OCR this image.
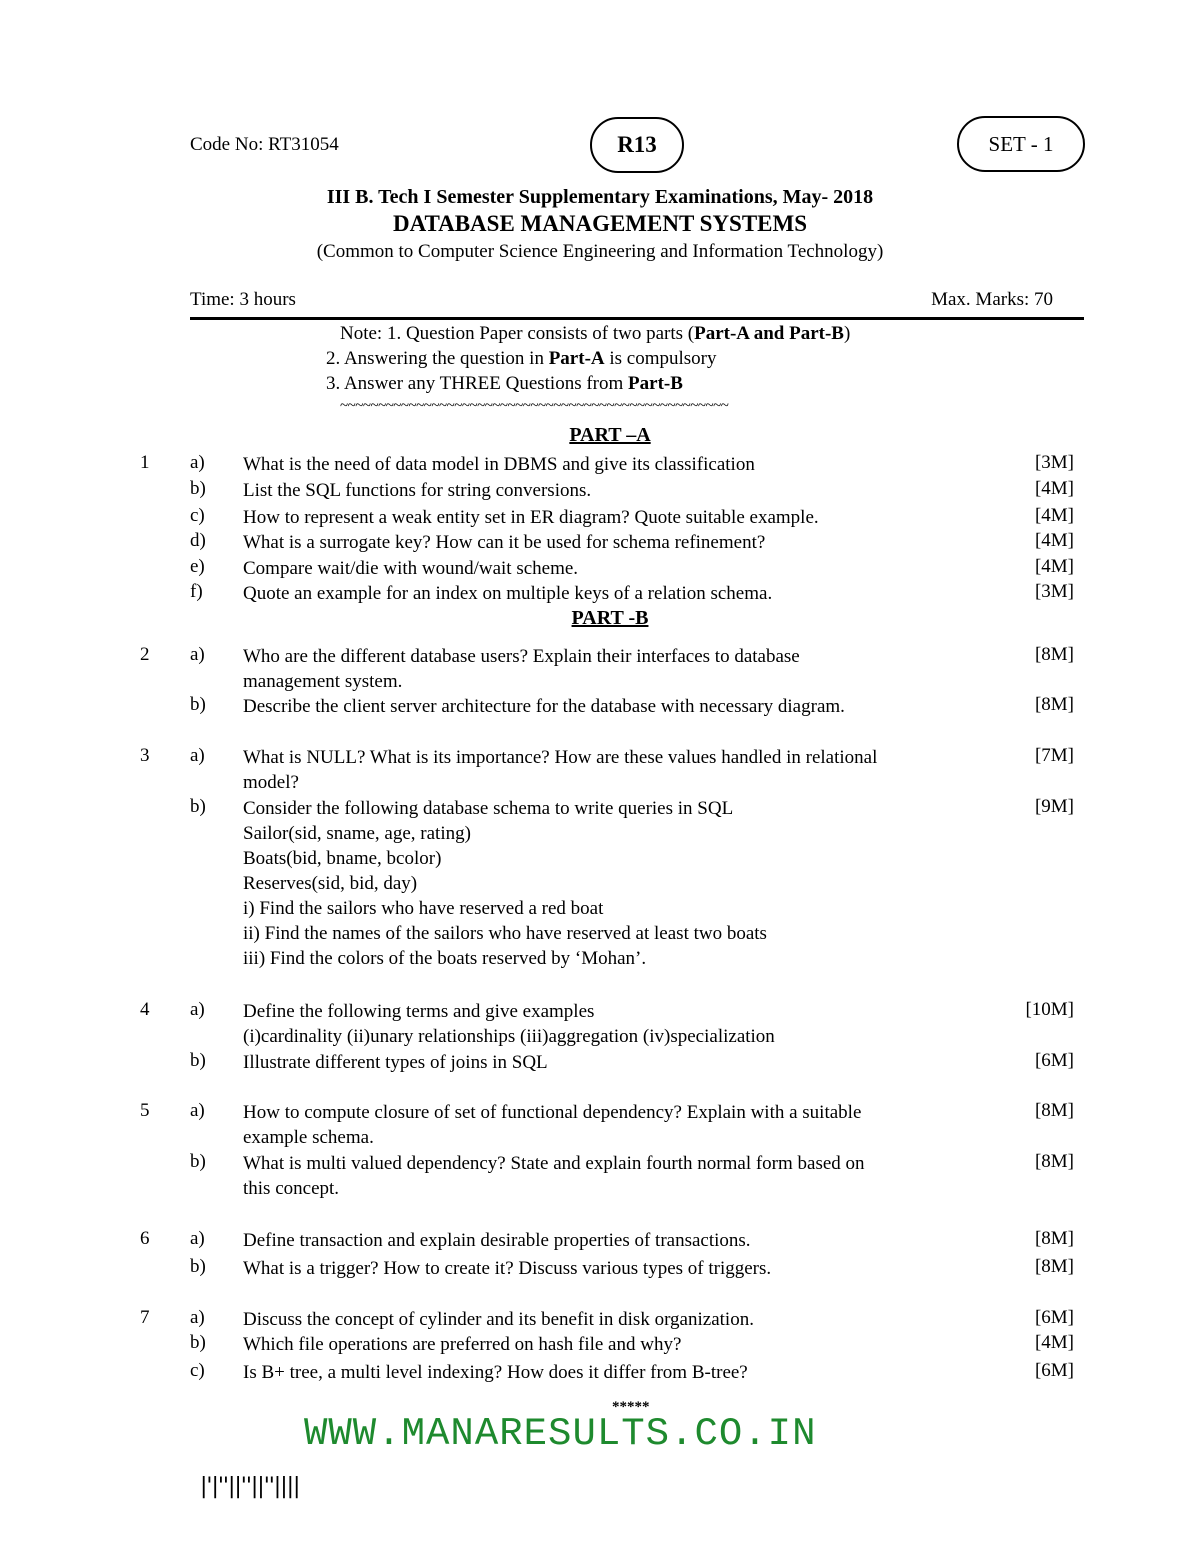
Code No: RT31054	R13	SET - 1
III B. Tech I Semester Supplementary Examinations, May- 2018
DATABASE MANAGEMENT SYSTEMS
(Common to Computer Science Engineering and Information Technology)
Time: 3 hours	Max. Marks: 70
Note: 1. Question Paper consists of two parts (Part-A and Part-B)
2. Answering the question in Part-A is compulsory
3. Answer any THREE Questions from Part-B
~~~~~~~~~~~~~~~~~~~~~~~~~~~~~~~~~~~~~~~~~~~~~~~~~~~
PART –A
1 a) What is the need of data model in DBMS and give its classification	[3M]
b) List the SQL functions for string conversions.	[4M]
c) How to represent a weak entity set in ER diagram? Quote suitable example.	[4M]
d) What is a surrogate key? How can it be used for schema refinement?	[4M]
e) Compare wait/die with wound/wait scheme.	[4M]
f) Quote an example for an index on multiple keys of a relation schema.	[3M]
PART -B
2 a) Who are the different database users? Explain their interfaces to database
management system.
[8M]
b) Describe the client server architecture for the database with necessary diagram.	[8M]
3 a) What is NULL? What is its importance? How are these values handled in relational
model?
[7M]
b) Consider the following database schema to write queries in SQL
Sailor(sid, sname, age, rating)
Boats(bid, bname, bcolor)
Reserves(sid, bid, day)
i) Find the sailors who have reserved a red boat
ii) Find the names of the sailors who have reserved at least two boats
iii) Find the colors of the boats reserved by ‘Mohan’.
[9M]
4 a) Define the following terms and give examples
(i)cardinality (ii)unary relationships (iii)aggregation (iv)specialization
[10M]
b) Illustrate different types of joins in SQL	[6M]
5 a) How to compute closure of set of functional dependency? Explain with a suitable
example schema.
[8M]
b) What is multi valued dependency? State and explain fourth normal form based on
this concept.
[8M]
6 a) Define transaction and explain desirable properties of transactions.	[8M]
b) What is a trigger? How to create it? Discuss various types of triggers.	[8M]
7 a) Discuss the concept of cylinder and its benefit in disk organization.	[6M]
b) Which file operations are preferred on hash file and why?	[4M]
c) Is B+ tree, a multi level indexing? How does it differ from B-tree?	[6M]
*****
WWW.MANARESULTS.CO.IN
|'|''||''||''||||
